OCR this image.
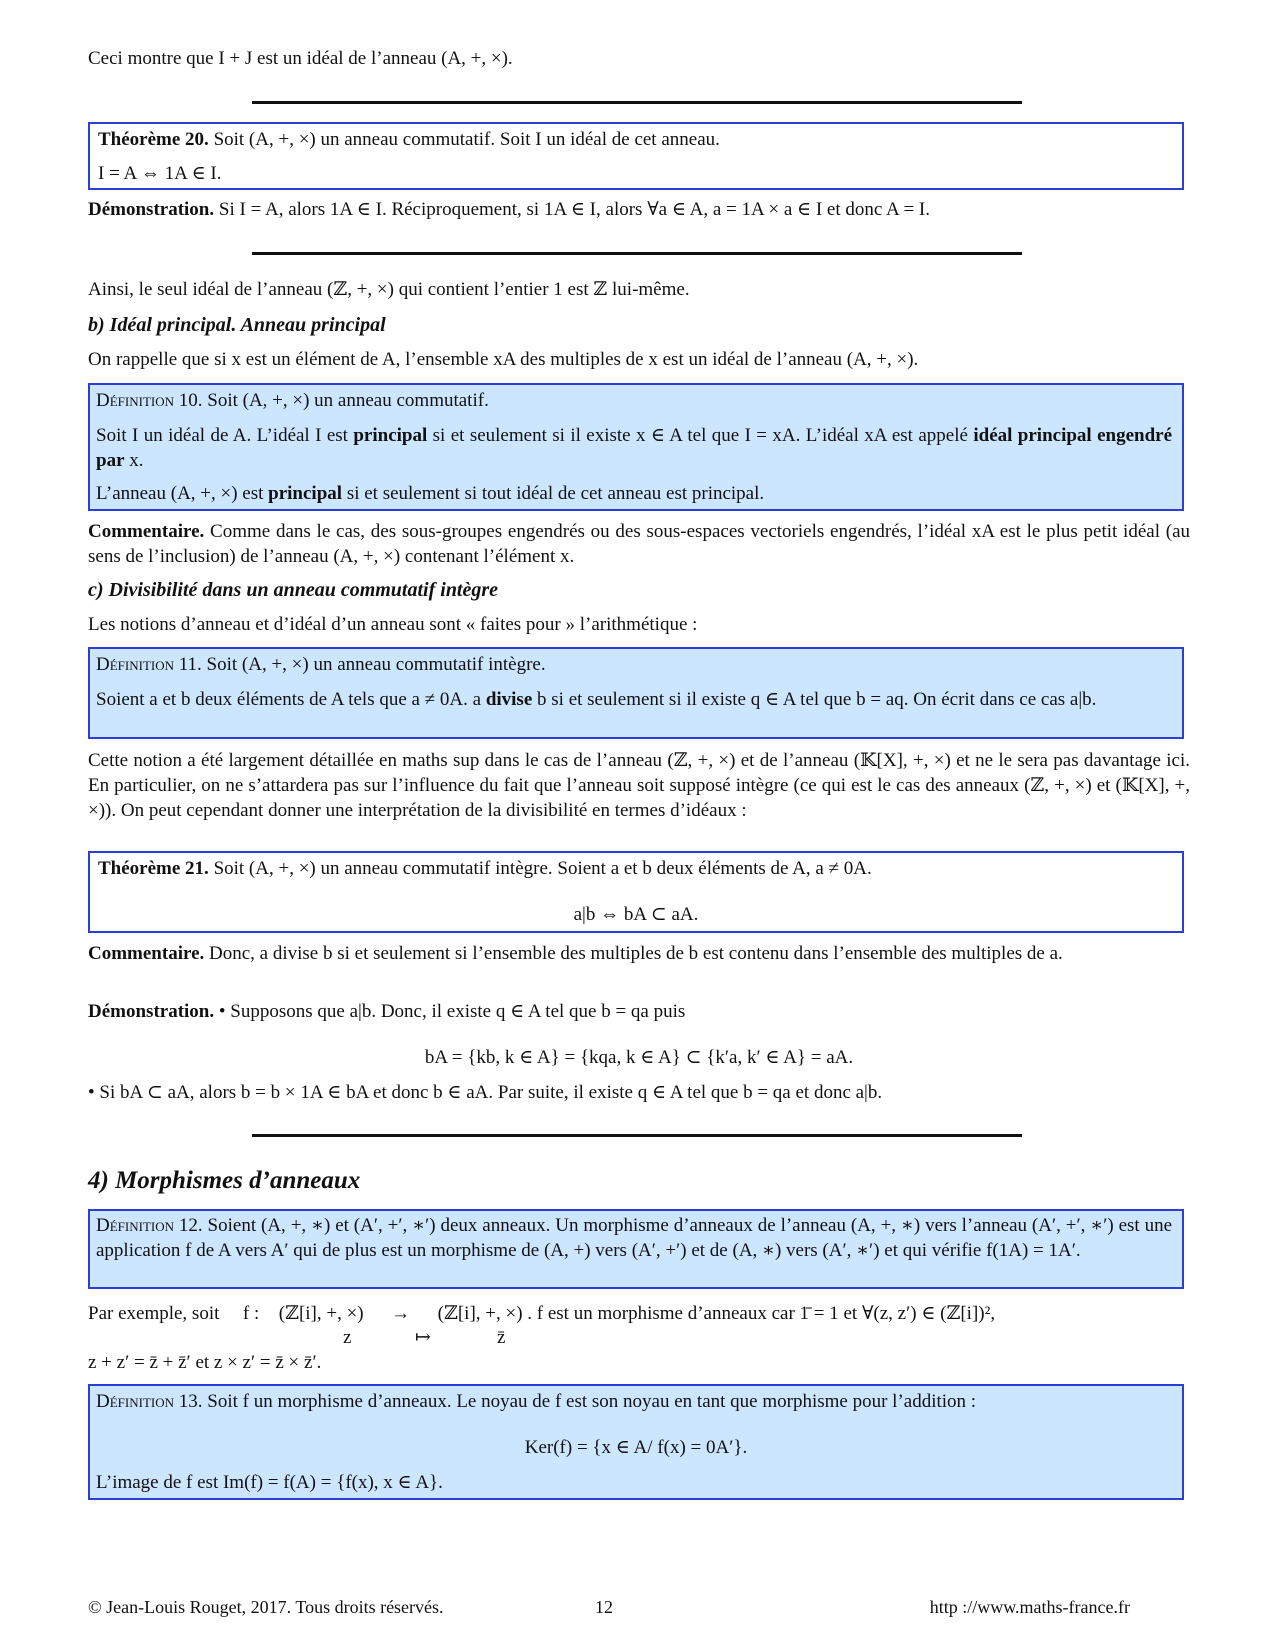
Ceci montre que I + J est un idéal de l’anneau (A, +, ×).
Théorème 20. Soit (A, +, ×) un anneau commutatif. Soit I un idéal de cet anneau.
I = A ⇔ 1A ∈ I.
Démonstration. Si I = A, alors 1A ∈ I. Réciproquement, si 1A ∈ I, alors ∀a ∈ A, a = 1A × a ∈ I et donc A = I.
Ainsi, le seul idéal de l’anneau (ℤ, +, ×) qui contient l’entier 1 est ℤ lui-même.
b) Idéal principal. Anneau principal
On rappelle que si x est un élément de A, l’ensemble xA des multiples de x est un idéal de l’anneau (A, +, ×).
Définition 10. Soit (A, +, ×) un anneau commutatif.
Soit I un idéal de A. L’idéal I est principal si et seulement si il existe x ∈ A tel que I = xA. L’idéal xA est appelé idéal principal engendré par x.
L’anneau (A, +, ×) est principal si et seulement si tout idéal de cet anneau est principal.
Commentaire. Comme dans le cas, des sous-groupes engendrés ou des sous-espaces vectoriels engendrés, l’idéal xA est le plus petit idéal (au sens de l’inclusion) de l’anneau (A, +, ×) contenant l’élément x.
c) Divisibilité dans un anneau commutatif intègre
Les notions d’anneau et d’idéal d’un anneau sont « faites pour » l’arithmétique :
Définition 11. Soit (A, +, ×) un anneau commutatif intègre.
Soient a et b deux éléments de A tels que a ≠ 0A. a divise b si et seulement si il existe q ∈ A tel que b = aq. On écrit dans ce cas a|b.
Cette notion a été largement détaillée en maths sup dans le cas de l’anneau (ℤ, +, ×) et de l’anneau (𝕂[X], +, ×) et ne le sera pas davantage ici. En particulier, on ne s’attardera pas sur l’influence du fait que l’anneau soit supposé intègre (ce qui est le cas des anneaux (ℤ, +, ×) et (𝕂[X], +, ×)). On peut cependant donner une interprétation de la divisibilité en termes d’idéaux :
Théorème 21. Soit (A, +, ×) un anneau commutatif intègre. Soient a et b deux éléments de A, a ≠ 0A.
a|b ⇔ bA ⊂ aA.
Commentaire. Donc, a divise b si et seulement si l’ensemble des multiples de b est contenu dans l’ensemble des multiples de a.
Démonstration. • Supposons que a|b. Donc, il existe q ∈ A tel que b = qa puis
bA = {kb, k ∈ A} = {kqa, k ∈ A} ⊂ {k′a, k′ ∈ A} = aA.
• Si bA ⊂ aA, alors b = b × 1A ∈ bA et donc b ∈ aA. Par suite, il existe q ∈ A tel que b = qa et donc a|b.
4) Morphismes d’anneaux
Définition 12. Soient (A, +, ∗) et (A′, +′, ∗′) deux anneaux. Un morphisme d’anneaux de l’anneau (A, +, ∗) vers l’anneau (A′, +′, ∗′) est une application f de A vers A′ qui de plus est un morphisme de (A, +) vers (A′, +′) et de (A, ∗) vers (A′, ∗′) et qui vérifie f(1A) = 1A′.
Par exemple, soit f : (ℤ[i], +, ×) → (ℤ[i], +, ×) . f est un morphisme d’anneaux car 1̄ = 1 et ∀(z, z′) ∈ (ℤ[i])²,
z	↦	z̄
z + z′ = z̄ + z̄′ et z × z′ = z̄ × z̄′.
Définition 13. Soit f un morphisme d’anneaux. Le noyau de f est son noyau en tant que morphisme pour l’addition :
Ker(f) = {x ∈ A/ f(x) = 0A′}.
L’image de f est Im(f) = f(A) = {f(x), x ∈ A}.
© Jean-Louis Rouget, 2017. Tous droits réservés.	12	http ://www.maths-france.fr
